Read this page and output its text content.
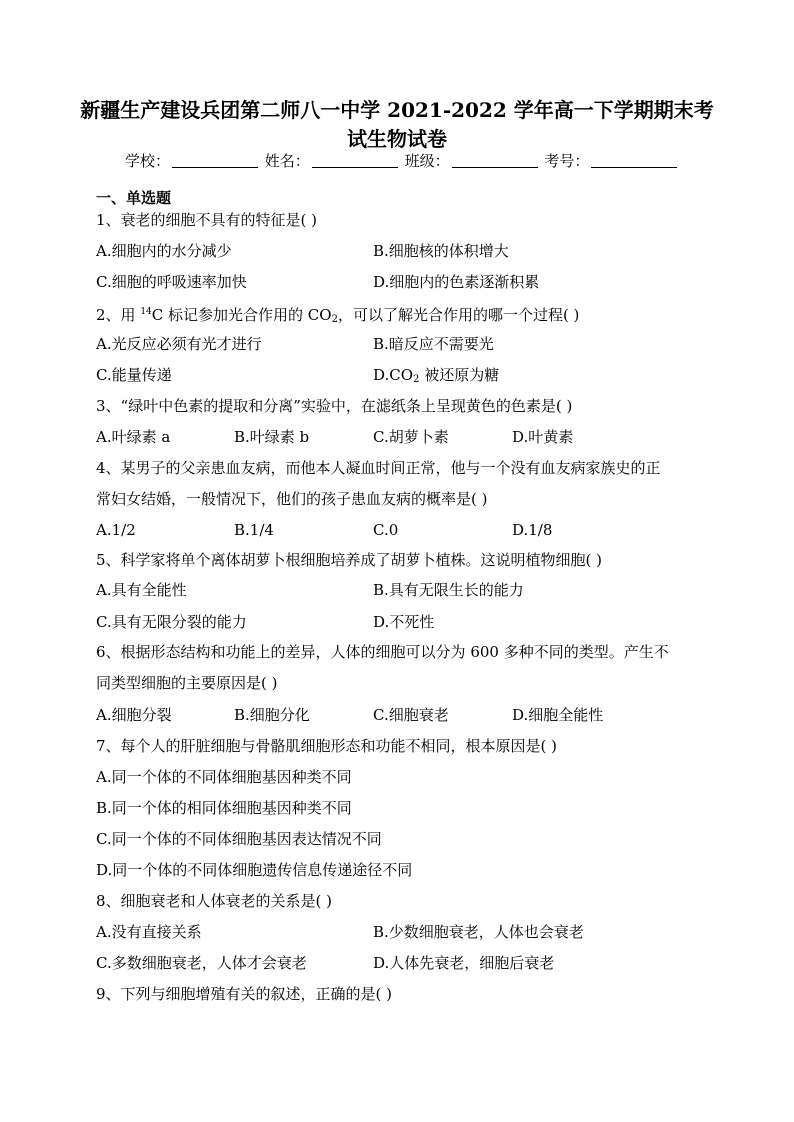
新疆生产建设兵团第二师八一中学 2021-2022 学年高一下学期期末考
试生物试卷
学校：	姓名：	班级：	考号：
一、单选题
1、衰老的细胞不具有的特征是( )
A.细胞内的水分减少	B.细胞核的体积增大
C.细胞的呼吸速率加快	D.细胞内的色素逐渐积累
2、用 $^{14}$C 标记参加光合作用的 $CO_2$，可以了解光合作用的哪一个过程( )
A.光反应必须有光才进行	B.暗反应不需要光
C.能量传递	$D.CO_2$ 被还原为糖
3、“绿叶中色素的提取和分离”实验中，在滤纸条上呈现黄色的色素是( )
A.叶绿素 a	B.叶绿素 b	C.胡萝卜素	D.叶黄素
4、某男子的父亲患血友病，而他本人凝血时间正常，他与一个没有血友病家族史的正
常妇女结婚，一般情况下，他们的孩子患血友病的概率是( )
A.1/2	B.1/4	C.0	D.1/8
5、科学家将单个离体胡萝卜根细胞培养成了胡萝卜植株。这说明植物细胞( )
A.具有全能性	B.具有无限生长的能力
C.具有无限分裂的能力	D.不死性
6、根据形态结构和功能上的差异，人体的细胞可以分为 600 多种不同的类型。产生不
同类型细胞的主要原因是( )
A.细胞分裂	B.细胞分化	C.细胞衰老	D.细胞全能性
7、每个人的肝脏细胞与骨骼肌细胞形态和功能不相同，根本原因是( )
A.同一个体的不同体细胞基因种类不同
B.同一个体的相同体细胞基因种类不同
C.同一个体的不同体细胞基因表达情况不同
D.同一个体的不同体细胞遗传信息传递途径不同
8、细胞衰老和人体衰老的关系是( )
A.没有直接关系	B.少数细胞衰老，人体也会衰老
C.多数细胞衰老，人体才会衰老	D.人体先衰老，细胞后衰老
9、下列与细胞增殖有关的叙述，正确的是( )
